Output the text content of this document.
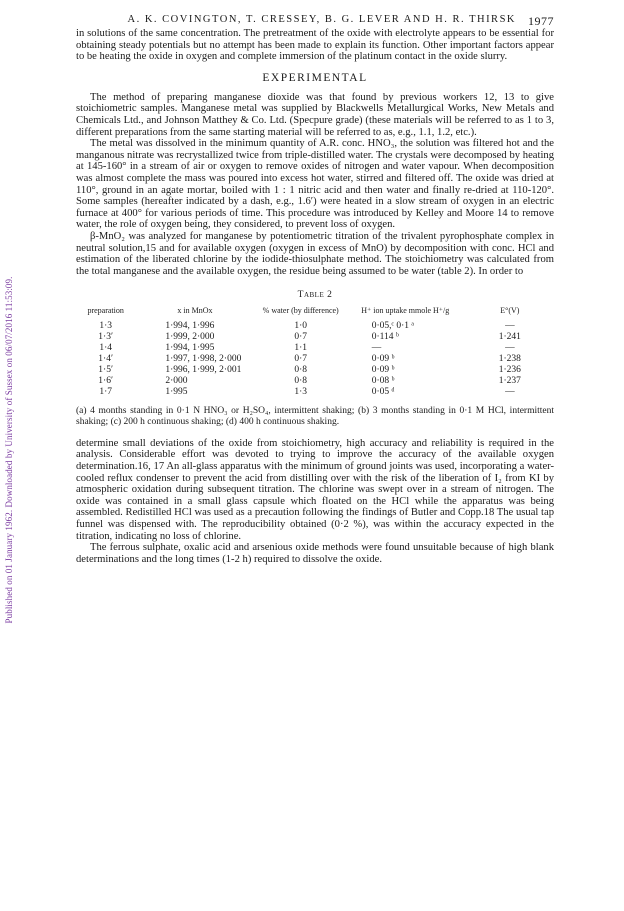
Published on 01 January 1962. Downloaded by University of Sussex on 06/07/2016 11:53:09.
A. K. COVINGTON, T. CRESSEY, B. G. LEVER AND H. R. THIRSK 1977

in solutions of the same concentration. The pretreatment of the oxide with electrolyte appears to be essential for obtaining steady potentials but no attempt has been made to explain its function. Other important factors appear to be heating the oxide in oxygen and complete immersion of the platinum contact in the oxide slurry.

EXPERIMENTAL

The method of preparing manganese dioxide was that found by previous workers 12, 13 to give stoichiometric samples. Manganese metal was supplied by Blackwells Metallurgical Works, New Metals and Chemicals Ltd., and Johnson Matthey & Co. Ltd. (Specpure grade) (these materials will be referred to as 1 to 3, different preparations from the same starting material will be referred to as, e.g., 1.1, 1.2, etc.).

The metal was dissolved in the minimum quantity of A.R. conc. HNO₃, the solution was filtered hot and the manganous nitrate was recrystallized twice from triple-distilled water. The crystals were decomposed by heating at 145-160° in a stream of air or oxygen to remove oxides of nitrogen and water vapour. When decomposition was almost complete the mass was poured into excess hot water, stirred and filtered off. The oxide was dried at 110°, ground in an agate mortar, boiled with 1 : 1 nitric acid and then water and finally re-dried at 110-120°. Some samples (hereafter indicated by a dash, e.g., 1.6′) were heated in a slow stream of oxygen in an electric furnace at 400° for various periods of time. This procedure was introduced by Kelley and Moore 14 to remove water, the role of oxygen being, they considered, to prevent loss of oxygen.

β-MnO₂ was analyzed for manganese by potentiometric titration of the trivalent pyrophosphate complex in neutral solution,15 and for available oxygen (oxygen in excess of MnO) by decomposition with conc. HCl and estimation of the liberated chlorine by the iodide-thiosulphate method. The stoichiometry was calculated from the total manganese and the available oxygen, the residue being assumed to be water (table 2). In order to

Table 2
preparation	x in MnOx	% water (by difference)	H⁺ ion uptake mmole H⁺/g	E°(V)
1·3	1·994, 1·996	1·0	0·05,ᶜ 0·1 ᵃ	—
1·3′	1·999, 2·000	0·7	0·114 ᵇ	1·241
1·4	1·994, 1·995	1·1	—	—
1·4′	1·997, 1·998, 2·000	0·7	0·09 ᵇ	1·238
1·5′	1·996, 1·999, 2·001	0·8	0·09 ᵇ	1·236
1·6′	2·000	0·8	0·08 ᵇ	1·237
1·7	1·995	1·3	0·05 ᵈ	—

(a) 4 months standing in 0·1 N HNO₃ or H₂SO₄, intermittent shaking; (b) 3 months standing in 0·1 M HCl, intermittent shaking; (c) 200 h continuous shaking; (d) 400 h continuous shaking.

determine small deviations of the oxide from stoichiometry, high accuracy and reliability is required in the analysis. Considerable effort was devoted to trying to improve the accuracy of the available oxygen determination.16, 17 An all-glass apparatus with the minimum of ground joints was used, incorporating a water-cooled reflux condenser to prevent the acid from distilling over with the risk of the liberation of I₂ from KI by atmospheric oxidation during subsequent titration. The chlorine was swept over in a stream of nitrogen. The oxide was contained in a small glass capsule which floated on the HCl while the apparatus was being assembled. Redistilled HCl was used as a precaution following the findings of Butler and Copp.18 The usual tap funnel was dispensed with. The reproducibility obtained (0·2 %), was within the accuracy expected in the titration, indicating no loss of chlorine.

The ferrous sulphate, oxalic acid and arsenious oxide methods were found unsuitable because of high blank determinations and the long times (1-2 h) required to dissolve the oxide.
